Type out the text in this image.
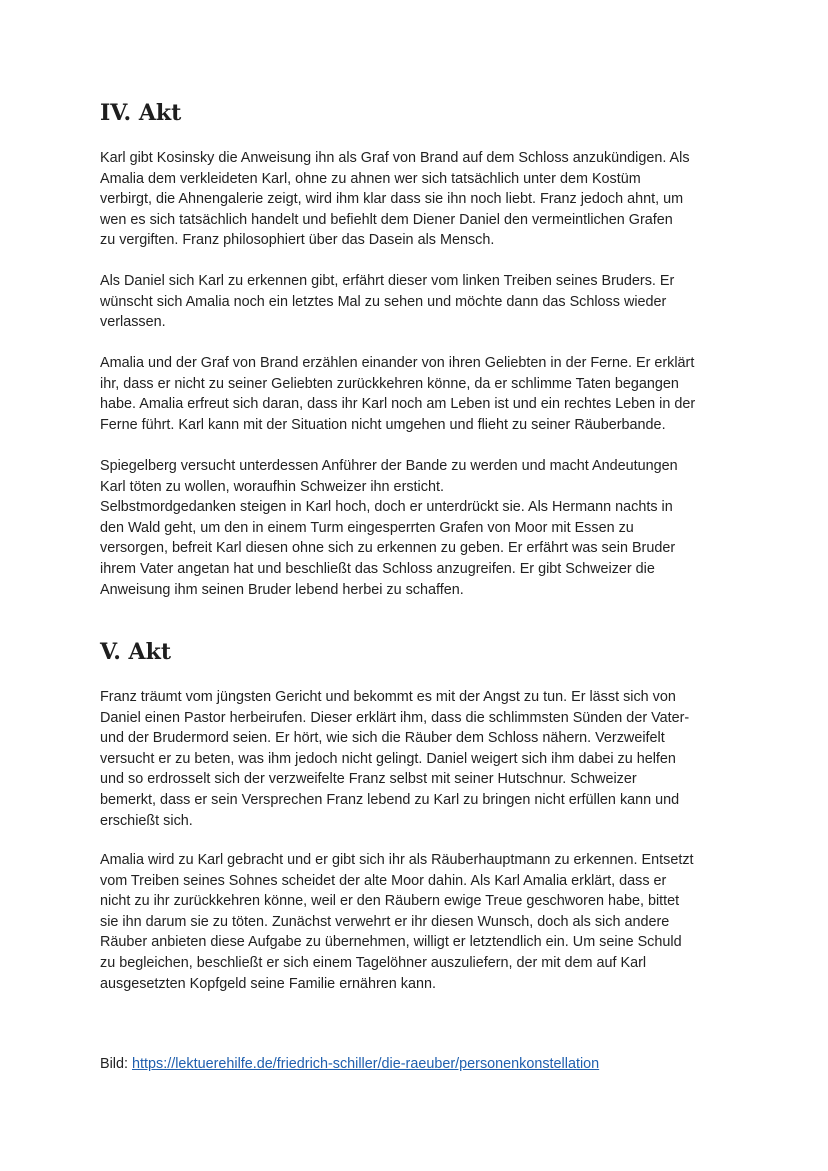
IV. Akt

Karl gibt Kosinsky die Anweisung ihn als Graf von Brand auf dem Schloss anzukündigen. Als
Amalia dem verkleideten Karl, ohne zu ahnen wer sich tatsächlich unter dem Kostüm
verbirgt, die Ahnengalerie zeigt, wird ihm klar dass sie ihn noch liebt. Franz jedoch ahnt, um
wen es sich tatsächlich handelt und befiehlt dem Diener Daniel den vermeintlichen Grafen
zu vergiften. Franz philosophiert über das Dasein als Mensch.

Als Daniel sich Karl zu erkennen gibt, erfährt dieser vom linken Treiben seines Bruders. Er
wünscht sich Amalia noch ein letztes Mal zu sehen und möchte dann das Schloss wieder
verlassen.

Amalia und der Graf von Brand erzählen einander von ihren Geliebten in der Ferne. Er erklärt
ihr, dass er nicht zu seiner Geliebten zurückkehren könne, da er schlimme Taten begangen
habe. Amalia erfreut sich daran, dass ihr Karl noch am Leben ist und ein rechtes Leben in der
Ferne führt. Karl kann mit der Situation nicht umgehen und flieht zu seiner Räuberbande.

Spiegelberg versucht unterdessen Anführer der Bande zu werden und macht Andeutungen
Karl töten zu wollen, woraufhin Schweizer ihn ersticht.
Selbstmordgedanken steigen in Karl hoch, doch er unterdrückt sie. Als Hermann nachts in
den Wald geht, um den in einem Turm eingesperrten Grafen von Moor mit Essen zu
versorgen, befreit Karl diesen ohne sich zu erkennen zu geben. Er erfährt was sein Bruder
ihrem Vater angetan hat und beschließt das Schloss anzugreifen. Er gibt Schweizer die
Anweisung ihm seinen Bruder lebend herbei zu schaffen.

V. Akt

Franz träumt vom jüngsten Gericht und bekommt es mit der Angst zu tun. Er lässt sich von
Daniel einen Pastor herbeirufen. Dieser erklärt ihm, dass die schlimmsten Sünden der Vater-
und der Brudermord seien. Er hört, wie sich die Räuber dem Schloss nähern. Verzweifelt
versucht er zu beten, was ihm jedoch nicht gelingt. Daniel weigert sich ihm dabei zu helfen
und so erdrosselt sich der verzweifelte Franz selbst mit seiner Hutschnur. Schweizer
bemerkt, dass er sein Versprechen Franz lebend zu Karl zu bringen nicht erfüllen kann und
erschießt sich.

Amalia wird zu Karl gebracht und er gibt sich ihr als Räuberhauptmann zu erkennen. Entsetzt
vom Treiben seines Sohnes scheidet der alte Moor dahin. Als Karl Amalia erklärt, dass er
nicht zu ihr zurückkehren könne, weil er den Räubern ewige Treue geschworen habe, bittet
sie ihn darum sie zu töten. Zunächst verwehrt er ihr diesen Wunsch, doch als sich andere
Räuber anbieten diese Aufgabe zu übernehmen, willigt er letztendlich ein. Um seine Schuld
zu begleichen, beschließt er sich einem Tagelöhner auszuliefern, der mit dem auf Karl
ausgesetzten Kopfgeld seine Familie ernähren kann.

Bild: https://lektuerehilfe.de/friedrich-schiller/die-raeuber/personenkonstellation
